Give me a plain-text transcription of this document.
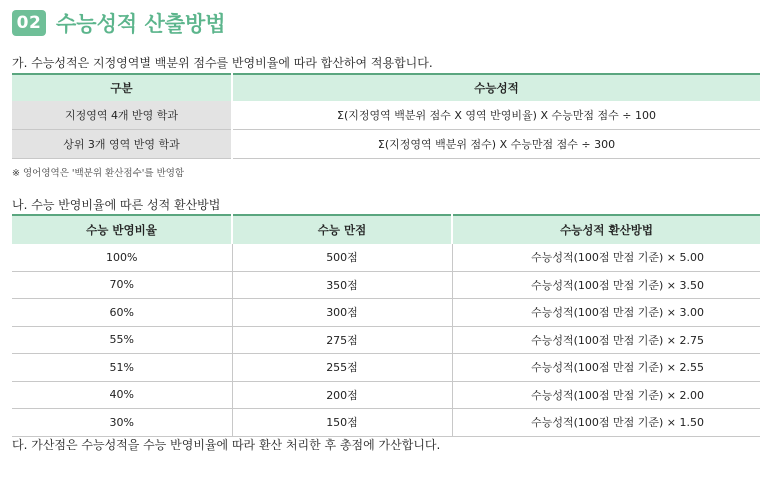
02 수능성적 산출방법
가. 수능성적은 지정영역별 백분위 점수를 반영비율에 따라 합산하여 적용합니다.
구분	수능성적
지정영역 4개 반영 학과	Σ(지정영역 백분위 점수 X 영역 반영비율) X 수능만점 점수 ÷ 100
상위 3개 영역 반영 학과	Σ(지정영역 백분위 점수) X 수능만점 점수 ÷ 300
※ 영어영역은 '백분위 환산점수'를 반영함
나. 수능 반영비율에 따른 성적 환산방법
수능 반영비율	수능 만점	수능성적 환산방법
100%	500점	수능성적(100점 만점 기준) × 5.00
70%	350점	수능성적(100점 만점 기준) × 3.50
60%	300점	수능성적(100점 만점 기준) × 3.00
55%	275점	수능성적(100점 만점 기준) × 2.75
51%	255점	수능성적(100점 만점 기준) × 2.55
40%	200점	수능성적(100점 만점 기준) × 2.00
30%	150점	수능성적(100점 만점 기준) × 1.50
다. 가산점은 수능성적을 수능 반영비율에 따라 환산 처리한 후 총점에 가산합니다.
